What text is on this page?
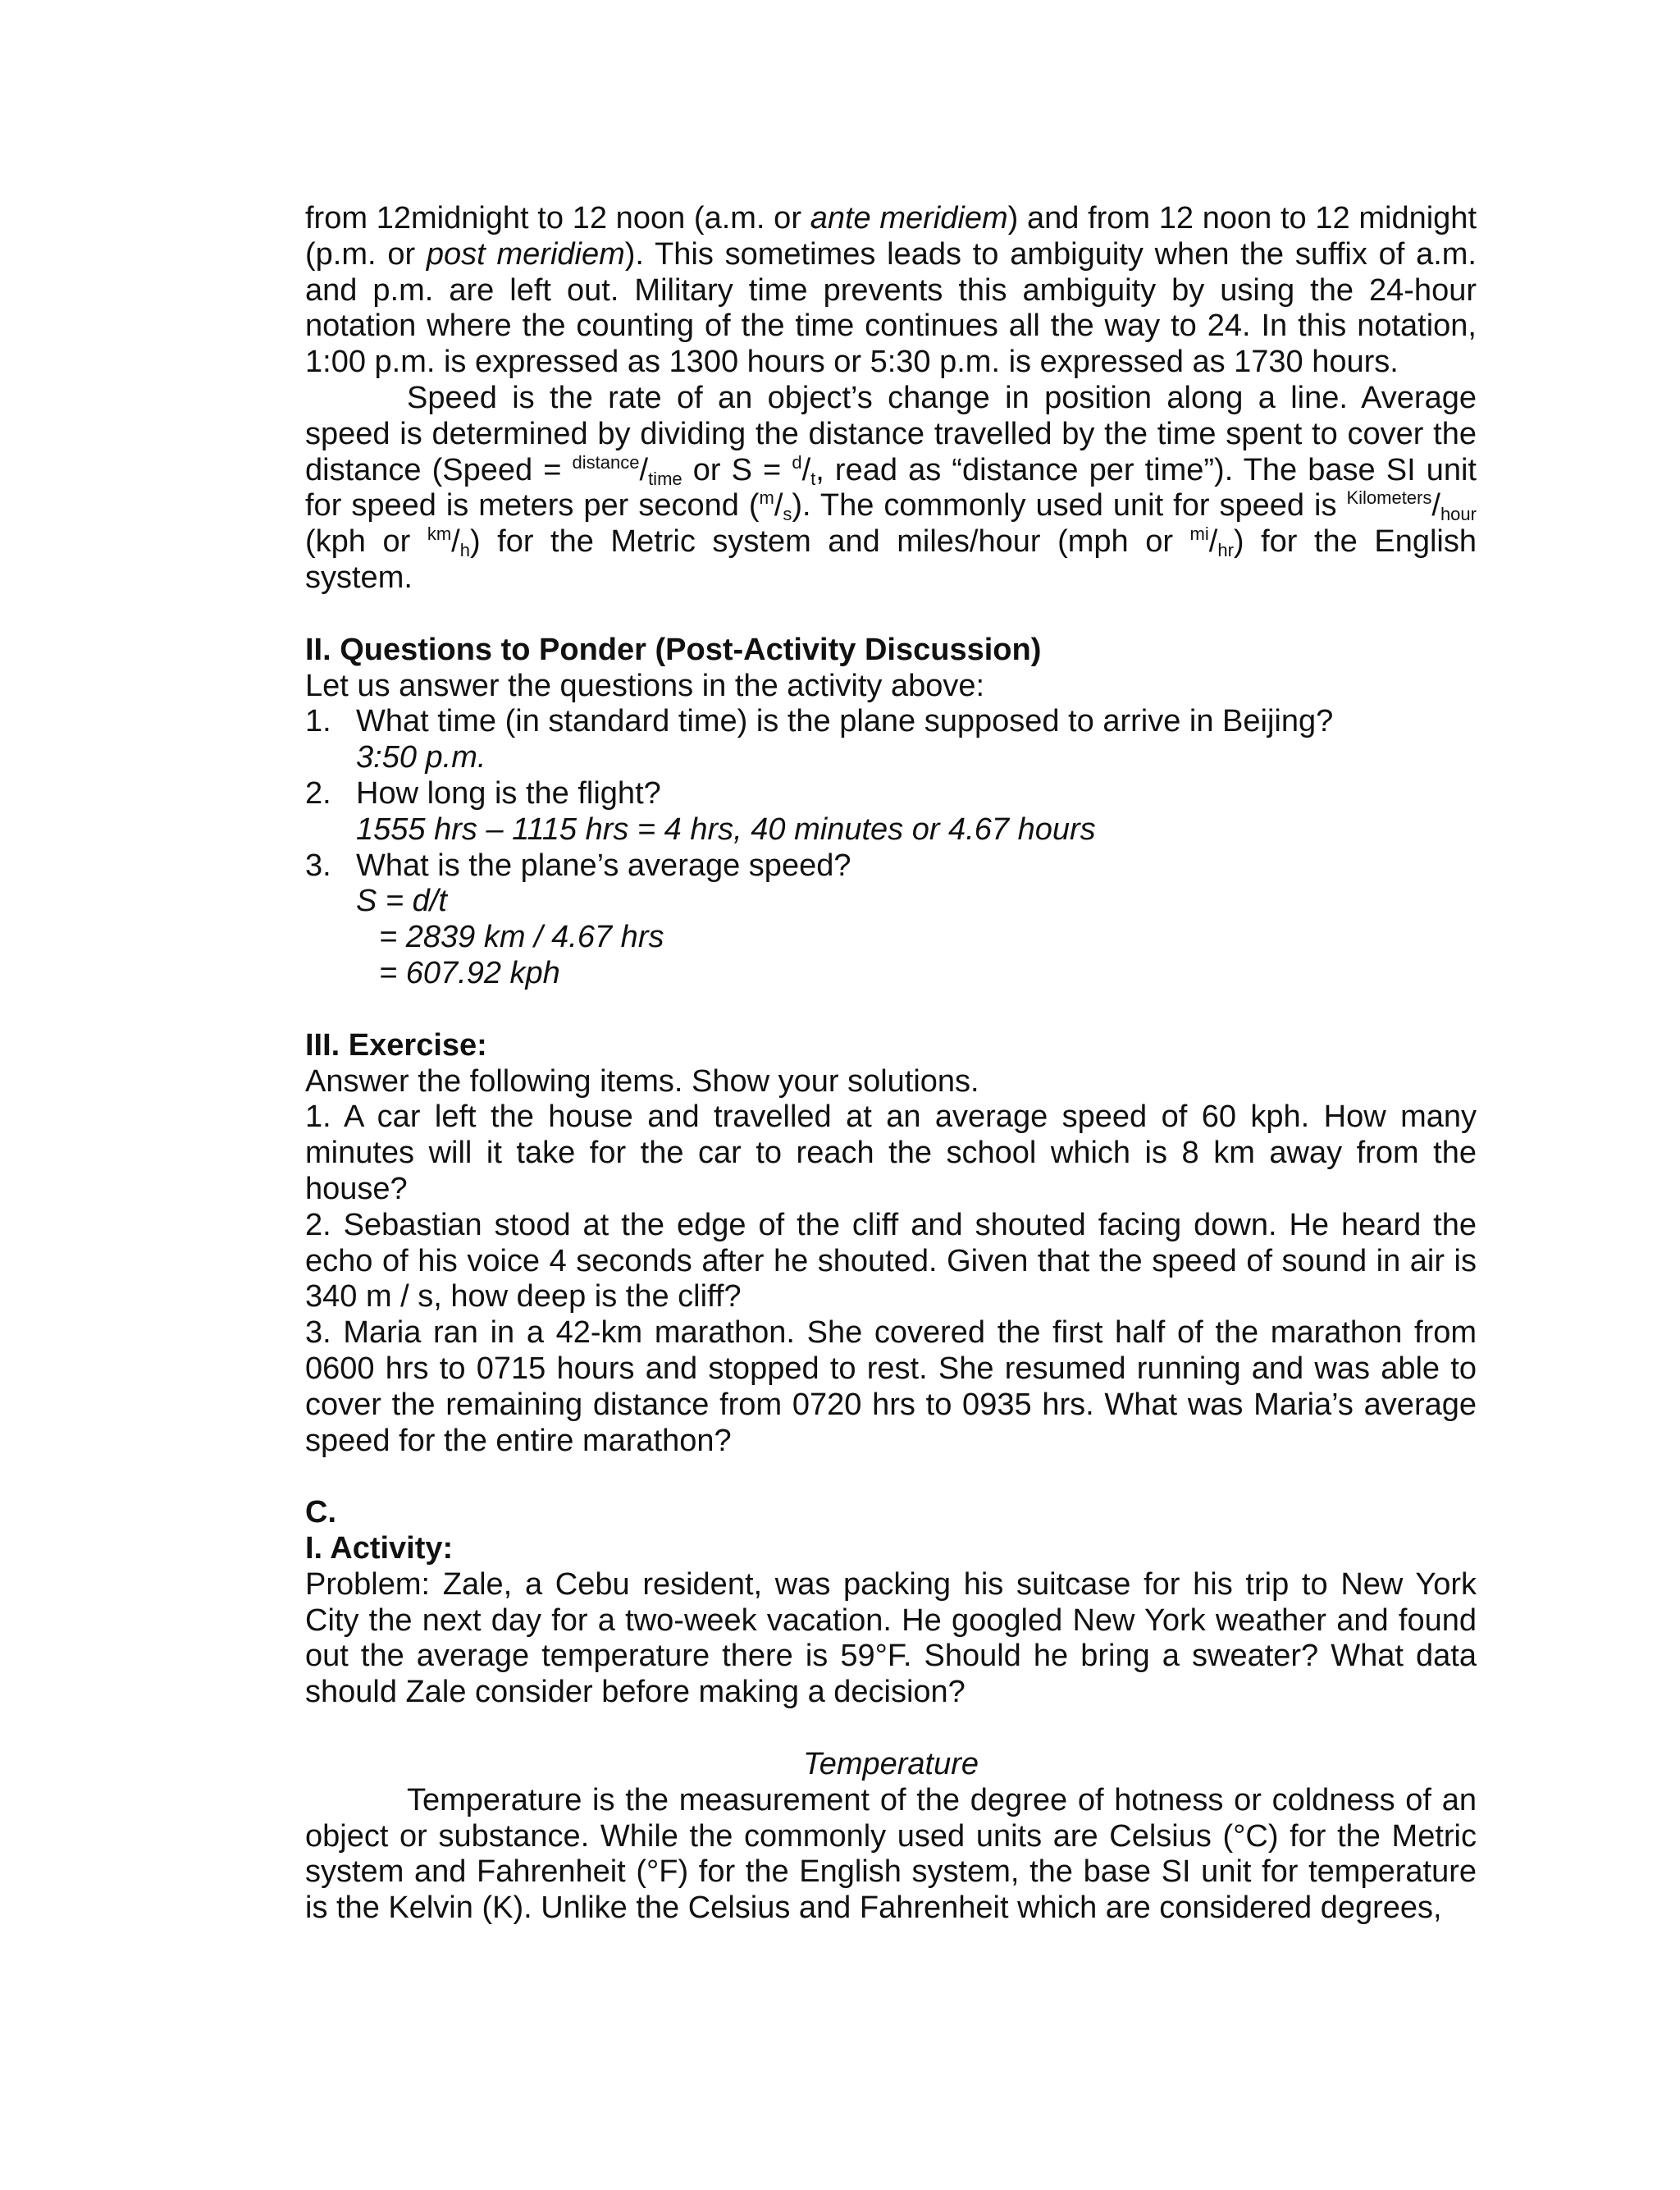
from 12midnight to 12 noon (a.m. or ante meridiem) and from 12 noon to 12 midnight (p.m. or post meridiem). This sometimes leads to ambiguity when the suffix of a.m. and p.m. are left out. Military time prevents this ambiguity by using the 24-hour notation where the counting of the time continues all the way to 24. In this notation, 1:00 p.m. is expressed as 1300 hours or 5:30 p.m. is expressed as 1730 hours.

Speed is the rate of an object’s change in position along a line. Average speed is determined by dividing the distance travelled by the time spent to cover the distance (Speed = $^{distance}/_{time}$ or $S = ^d/_t$, read as “distance per time”). The base SI unit for speed is meters per second $(^m/_s)$. The commonly used unit for speed is $^{Kilometers}/_{hour}$ (kph or $^{km}/_h$) for the Metric system and miles/hour (mph or $^{mi}/_{hr}$) for the English system.

II. Questions to Ponder (Post-Activity Discussion)

Let us answer the questions in the activity above:

1. What time (in standard time) is the plane supposed to arrive in Beijing?

3:50 p.m.

2. How long is the flight?

1555 hrs – 1115 hrs = 4 hrs, 40 minutes or 4.67 hours

3. What is the plane’s average speed?

S = d/t

= 2839 km / 4.67 hrs

= 607.92 kph

III. Exercise:

Answer the following items. Show your solutions.

1. A car left the house and travelled at an average speed of 60 kph. How many minutes will it take for the car to reach the school which is 8 km away from the house?

2. Sebastian stood at the edge of the cliff and shouted facing down. He heard the echo of his voice 4 seconds after he shouted. Given that the speed of sound in air is 340 m / s, how deep is the cliff?

3. Maria ran in a 42-km marathon. She covered the first half of the marathon from 0600 hrs to 0715 hours and stopped to rest. She resumed running and was able to cover the remaining distance from 0720 hrs to 0935 hrs. What was Maria’s average speed for the entire marathon?

C.

I. Activity:

Problem: Zale, a Cebu resident, was packing his suitcase for his trip to New York City the next day for a two-week vacation. He googled New York weather and found out the average temperature there is 59°F. Should he bring a sweater? What data should Zale consider before making a decision?

Temperature

Temperature is the measurement of the degree of hotness or coldness of an object or substance. While the commonly used units are Celsius (°C) for the Metric system and Fahrenheit (°F) for the English system, the base SI unit for temperature is the Kelvin (K). Unlike the Celsius and Fahrenheit which are considered degrees,
